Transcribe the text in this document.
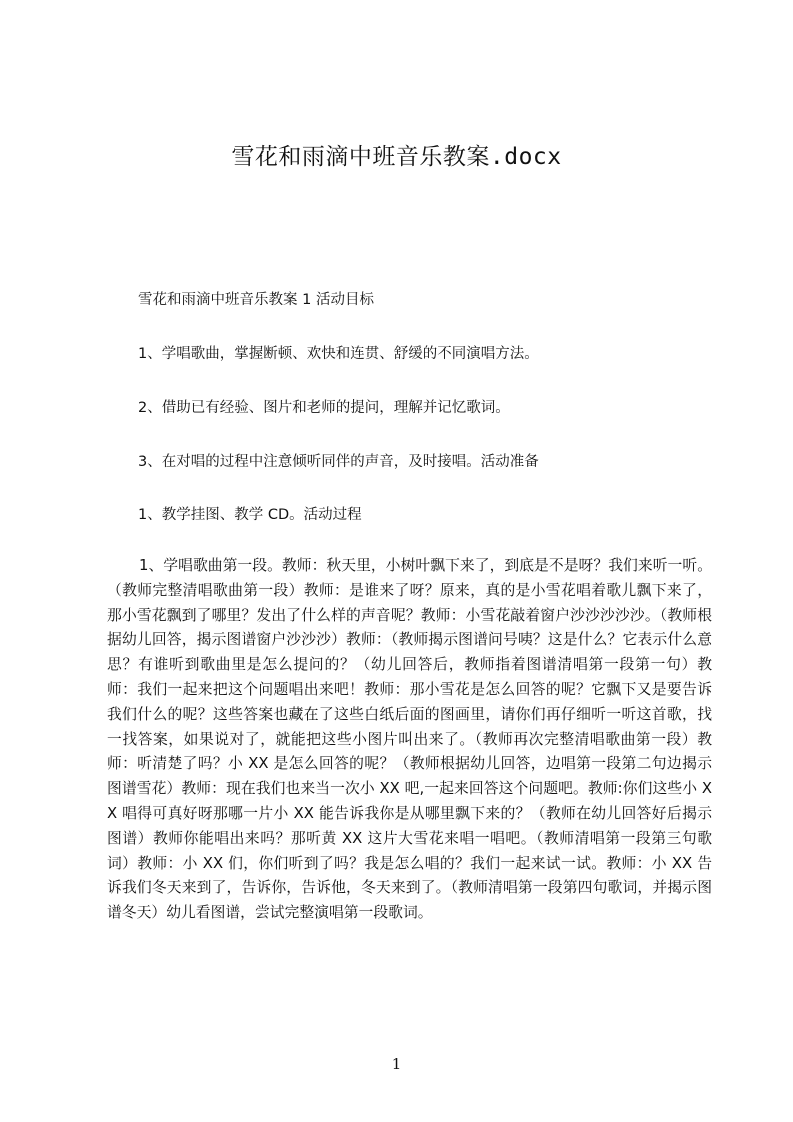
雪花和雨滴中班音乐教案.docx
雪花和雨滴中班音乐教案 1 活动目标
1、学唱歌曲，掌握断顿、欢快和连贯、舒缓的不同演唱方法。
2、借助已有经验、图片和老师的提问，理解并记忆歌词。
3、在对唱的过程中注意倾听同伴的声音，及时接唱。活动准备
1、教学挂图、教学 CD。活动过程
1、学唱歌曲第一段。教师：秋天里，小树叶飘下来了，到底是不是呀？我们来听一听。（教师完整清唱歌曲第一段）教师：是谁来了呀？原来，真的是小雪花唱着歌儿飘下来了，那小雪花飘到了哪里？发出了什么样的声音呢？教师：小雪花敲着窗户沙沙沙沙沙。（教师根据幼儿回答，揭示图谱窗户沙沙沙）教师：（教师揭示图谱问号咦？这是什么？它表示什么意思？有谁听到歌曲里是怎么提问的？（幼儿回答后，教师指着图谱清唱第一段第一句）教师：我们一起来把这个问题唱出来吧！教师：那小雪花是怎么回答的呢？它飘下又是要告诉我们什么的呢？这些答案也藏在了这些白纸后面的图画里，请你们再仔细听一听这首歌，找一找答案，如果说对了，就能把这些小图片叫出来了。（教师再次完整清唱歌曲第一段）教师：听清楚了吗？小 XX 是怎么回答的呢？（教师根据幼儿回答，边唱第一段第二句边揭示图谱雪花）教师：现在我们也来当一次小 XX 吧,一起来回答这个问题吧。教师:你们这些小 XX 唱得可真好呀那哪一片小 XX 能告诉我你是从哪里飘下来的？（教师在幼儿回答好后揭示图谱）教师你能唱出来吗？那听黄 XX 这片大雪花来唱一唱吧。（教师清唱第一段第三句歌词）教师：小 XX 们，你们听到了吗？我是怎么唱的？我们一起来试一试。教师：小 XX 告诉我们冬天来到了，告诉你，告诉他，冬天来到了。（教师清唱第一段第四句歌词，并揭示图谱冬天）幼儿看图谱，尝试完整演唱第一段歌词。
1
